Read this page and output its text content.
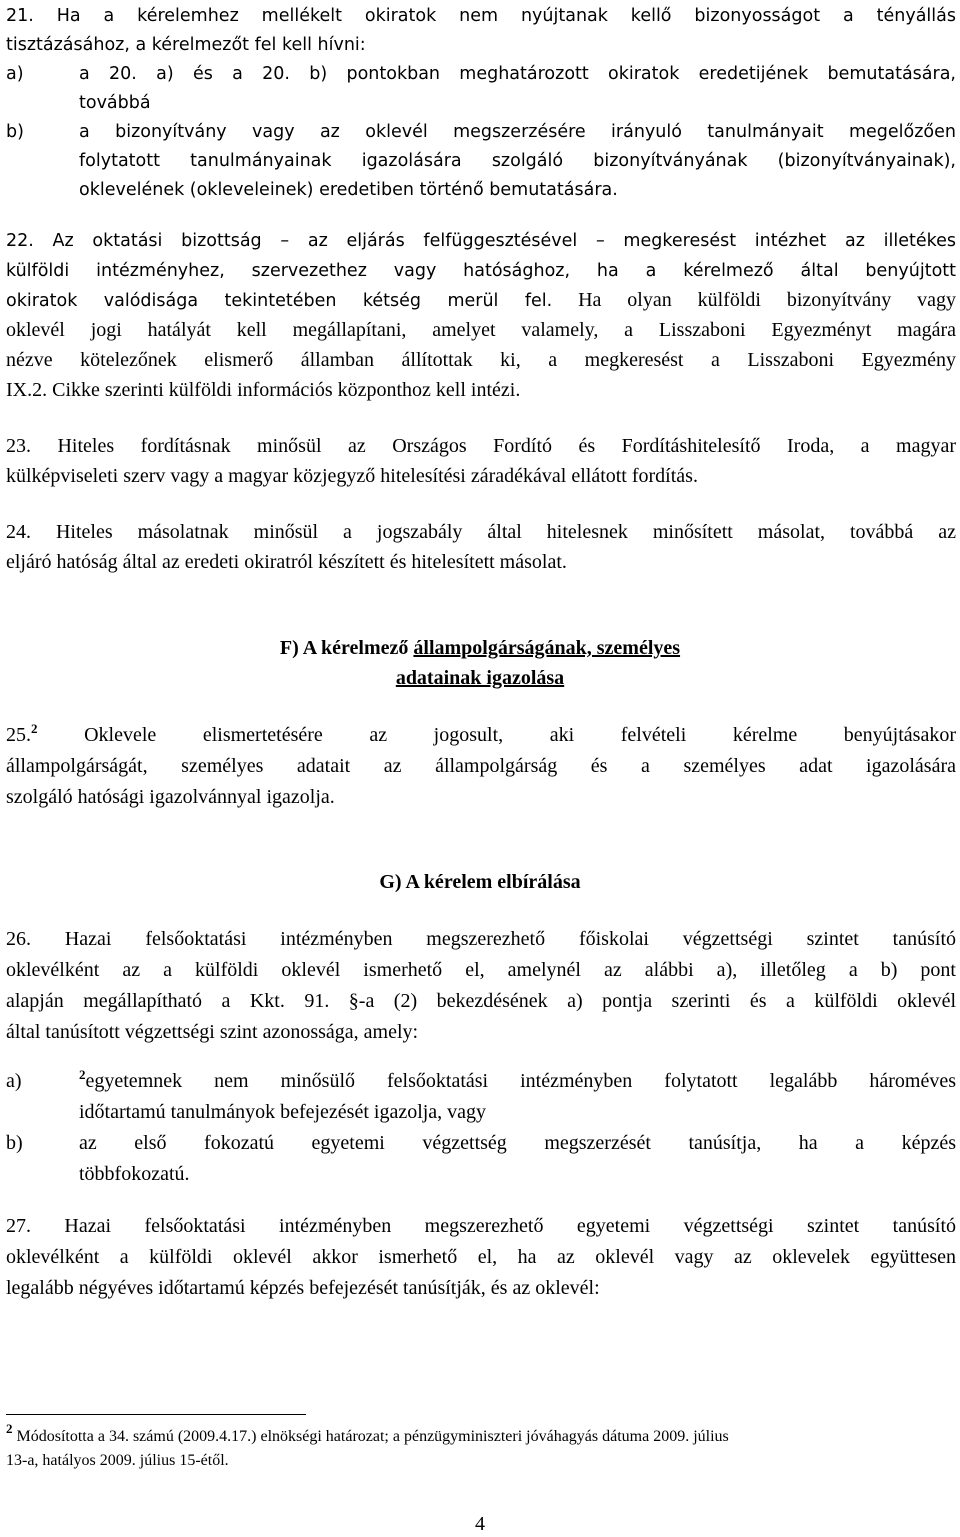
21. Ha a kérelemhez mellékelt okiratok nem nyújtanak kellő bizonyosságot a tényállás
tisztázásához, a kérelmezőt fel kell hívni:
a)	a 20. a) és a 20. b) pontokban meghatározott okiratok eredetijének bemutatására,
továbbá
b)	a bizonyítvány vagy az oklevél megszerzésére irányuló tanulmányait megelőzően
folytatott tanulmányainak igazolására szolgáló bizonyítványának (bizonyítványainak),
oklevelének (okleveleinek) eredetiben történő bemutatására.
22. Az oktatási bizottság – az eljárás felfüggesztésével – megkeresést intézhet az illetékes
külföldi intézményhez, szervezethez vagy hatósághoz, ha a kérelmező által benyújtott
okiratok valódisága tekintetében kétség merül fel. Ha olyan külföldi bizonyítvány vagy
oklevél jogi hatályát kell megállapítani, amelyet valamely, a Lisszaboni Egyezményt magára
nézve kötelezőnek elismerő államban állítottak ki, a megkeresést a Lisszaboni Egyezmény
IX.2. Cikke szerinti külföldi információs központhoz kell intézi.
23. Hiteles fordításnak minősül az Országos Fordító és Fordításhitelesítő Iroda, a magyar
külképviseleti szerv vagy a magyar közjegyző hitelesítési záradékával ellátott fordítás.
24. Hiteles másolatnak minősül a jogszabály által hitelesnek minősített másolat, továbbá az
eljáró hatóság által az eredeti okiratról készített és hitelesített másolat.
F) A kérelmező állampolgárságának, személyes
adatainak igazolása
25.$^2$ Oklevele elismertetésére az jogosult, aki felvételi kérelme benyújtásakor
állampolgárságát, személyes adatait az állampolgárság és a személyes adat igazolására
szolgáló hatósági igazolvánnyal igazolja.
G) A kérelem elbírálása
26. Hazai felsőoktatási intézményben megszerezhető főiskolai végzettségi szintet tanúsító
oklevélként az a külföldi oklevél ismerhető el, amelynél az alábbi a), illetőleg a b) pont
alapján megállapítható a Kkt. 91. §-a (2) bekezdésének a) pontja szerinti és a külföldi oklevél
által tanúsított végzettségi szint azonossága, amely:
a)	$^2$egyetemnek nem minősülő felsőoktatási intézményben folytatott legalább hároméves
időtartamú tanulmányok befejezését igazolja, vagy
b)	az első fokozatú egyetemi végzettség megszerzését tanúsítja, ha a képzés
többfokozatú.
27. Hazai felsőoktatási intézményben megszerezhető egyetemi végzettségi szintet tanúsító
oklevélként a külföldi oklevél akkor ismerhető el, ha az oklevél vagy az oklevelek együttesen
legalább négyéves időtartamú képzés befejezését tanúsítják, és az oklevél:
$^2$ Módosította a 34. számú (2009.4.17.) elnökségi határozat; a pénzügyminiszteri jóváhagyás dátuma 2009. július
13-a, hatályos 2009. július 15-étől.
4
